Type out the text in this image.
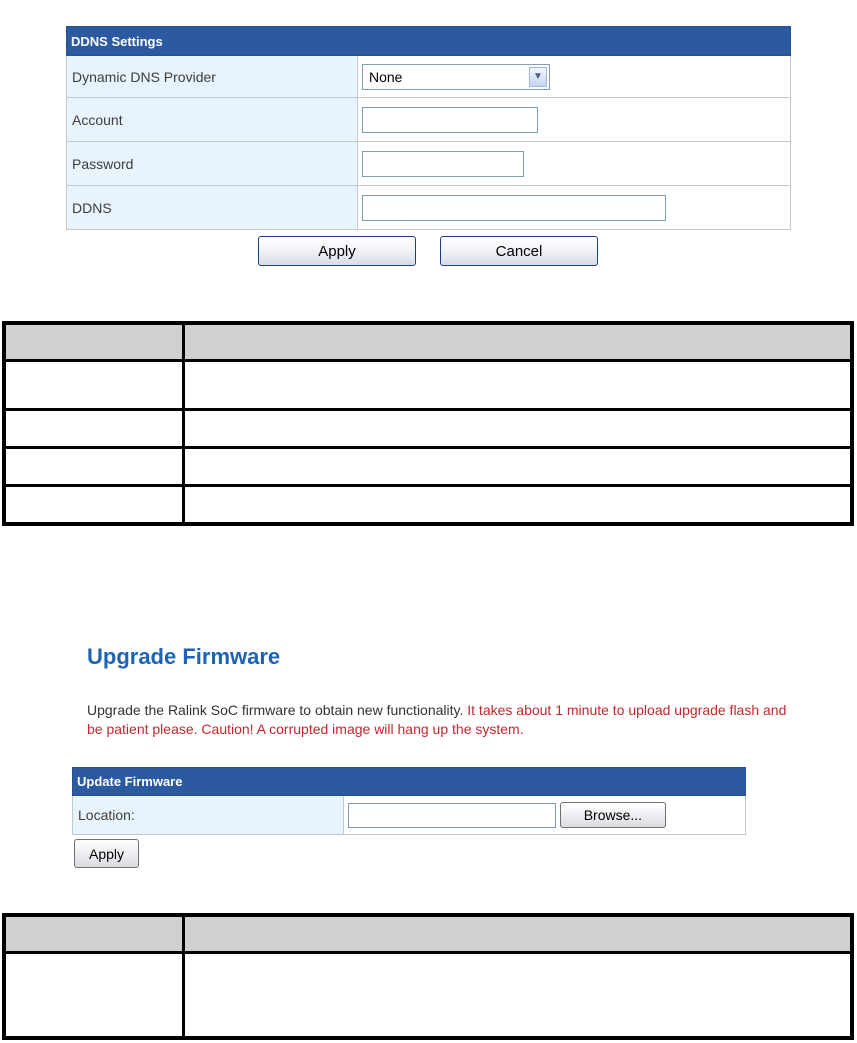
DDNS Settings	
Dynamic DNS Provider	None ▼

Account	
Password	
DDNS	
Apply	Cancel

Upgrade Firmware

Upgrade the Ralink SoC firmware to obtain new functionality. It takes about 1 minute to upload upgrade flash and be patient please. Caution! A corrupted image will hang up the system.

Update Firmware
Location:	Browse...
Apply
